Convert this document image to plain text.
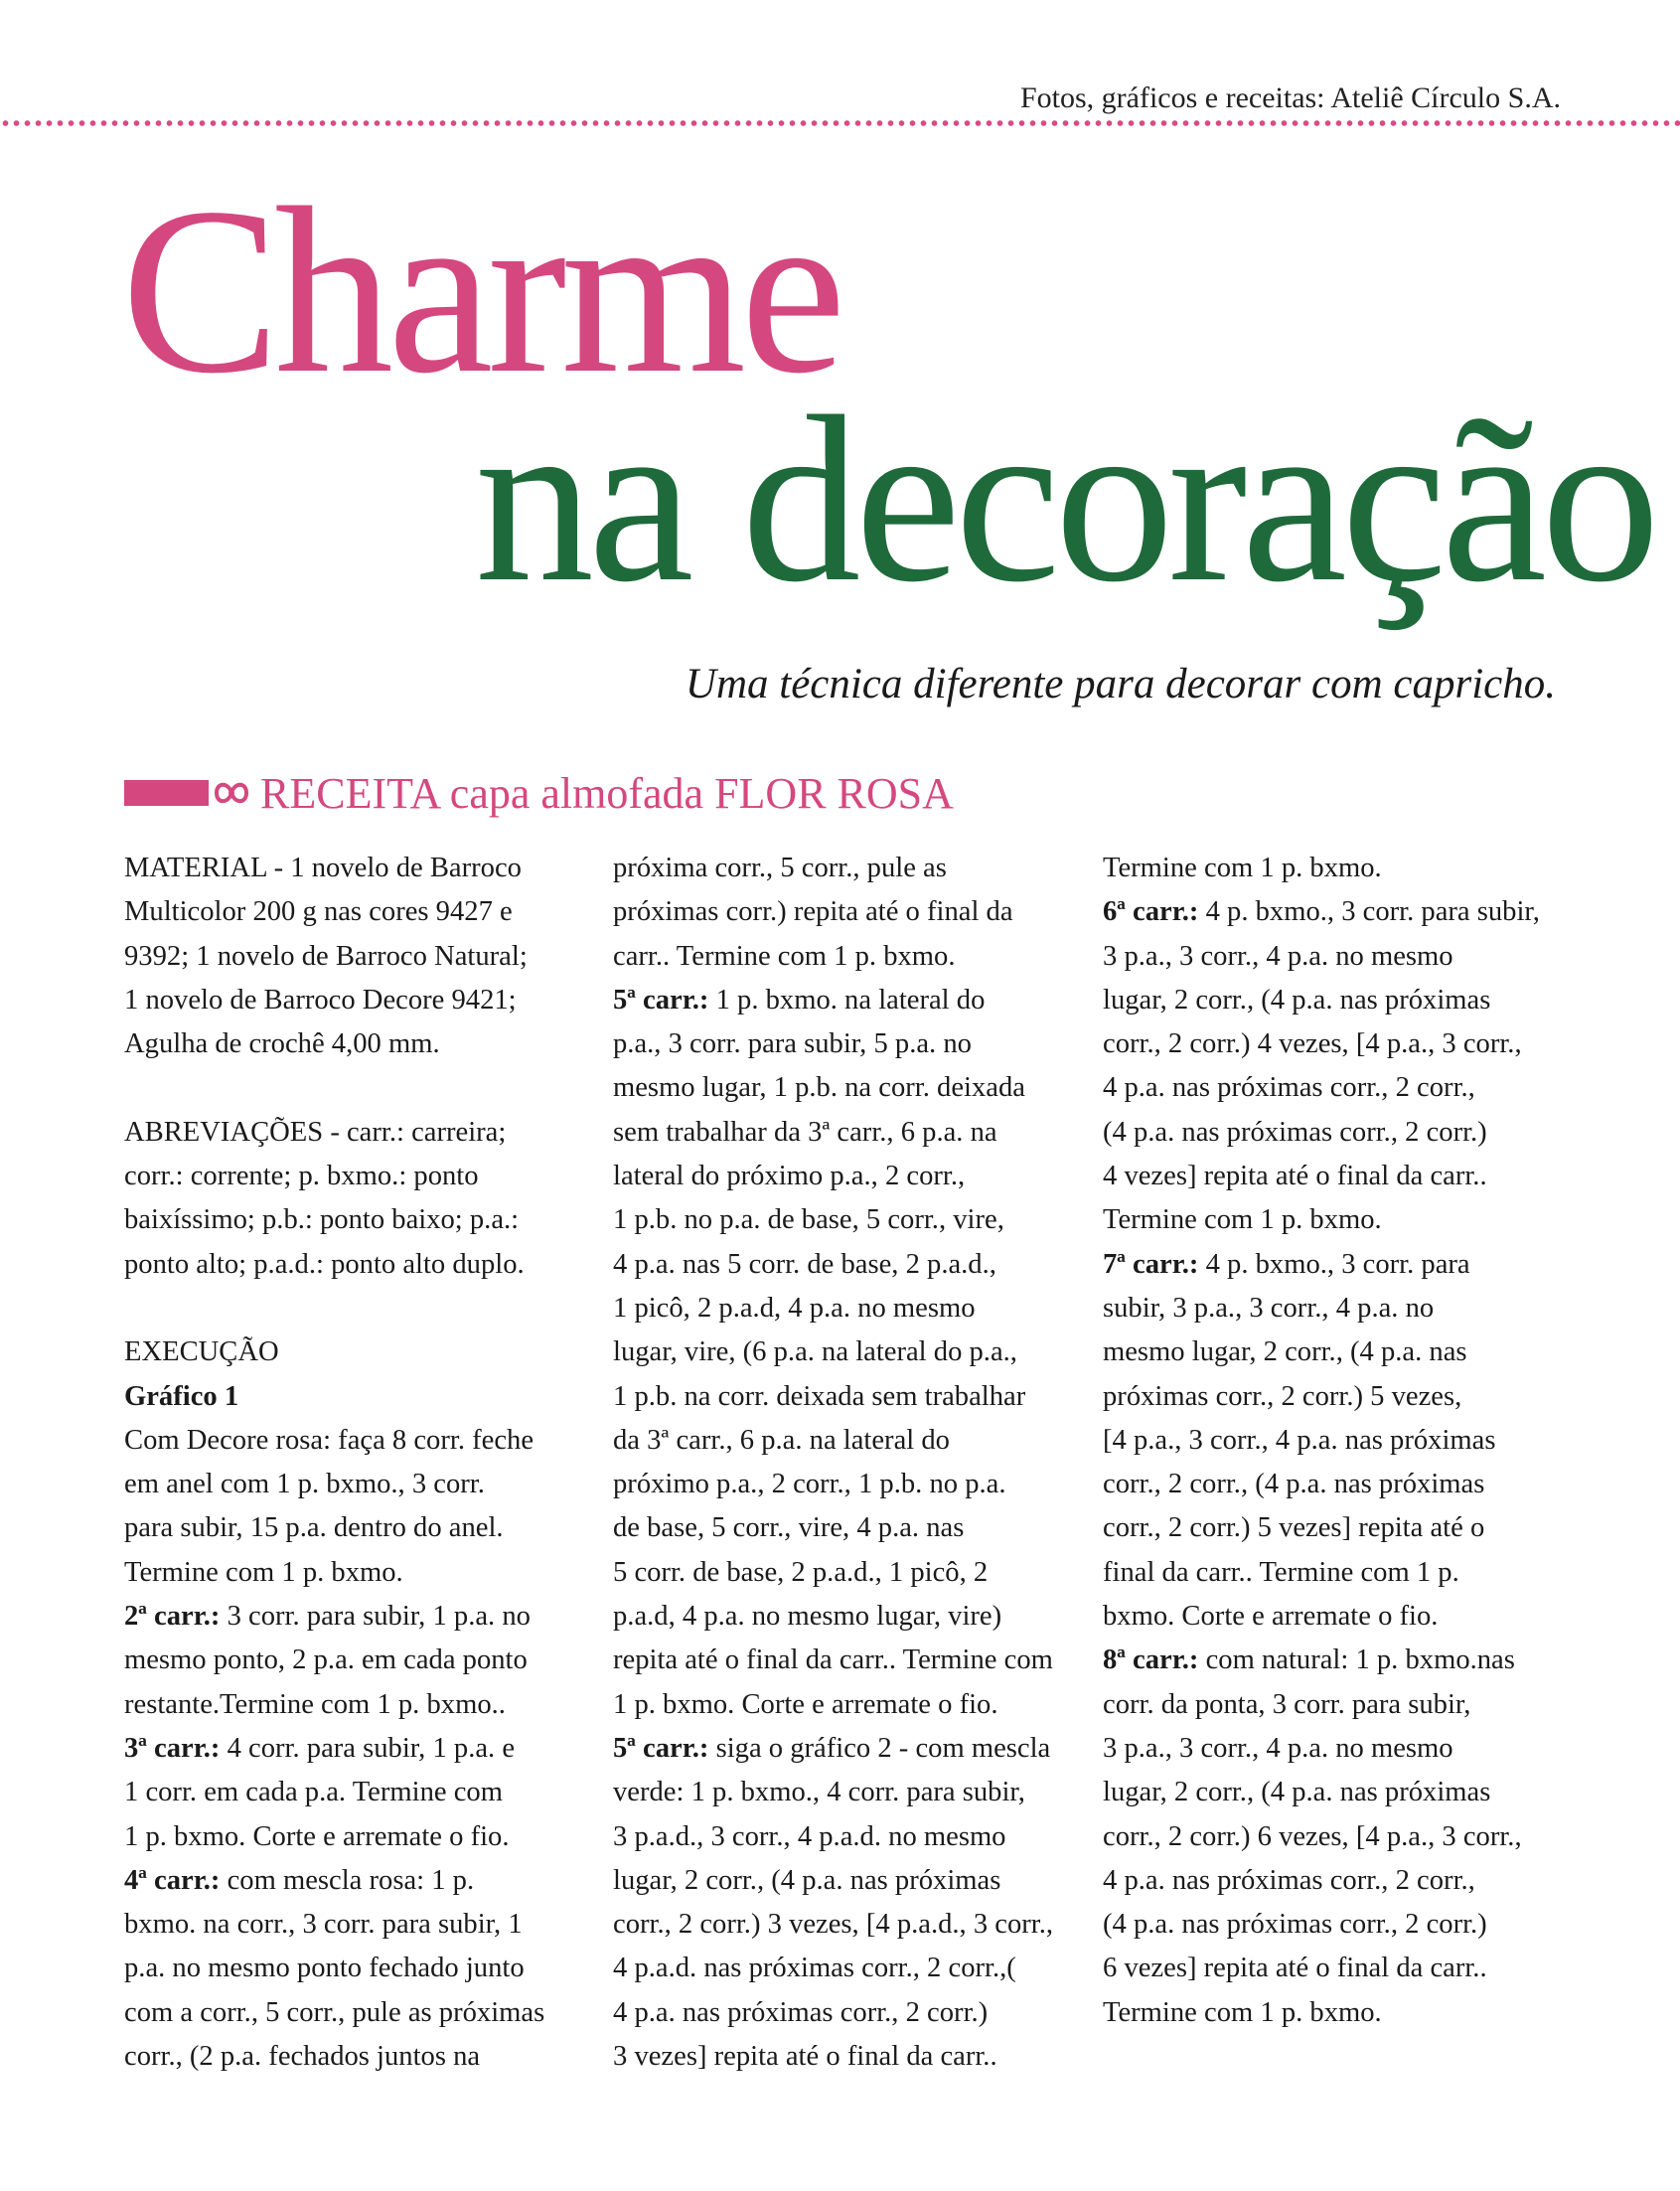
Fotos, gráficos e receitas: Ateliê Círculo S.A.
Charme
na decoração
Uma técnica diferente para decorar com capricho.
RECEITA capa almofada FLOR ROSA
MATERIAL - 1 novelo de Barroco
Multicolor 200 g nas cores 9427 e
9392; 1 novelo de Barroco Natural;
1 novelo de Barroco Decore 9421;
Agulha de crochê 4,00 mm.
ABREVIAÇÕES - carr.: carreira;
corr.: corrente; p. bxmo.: ponto
baixíssimo; p.b.: ponto baixo; p.a.:
ponto alto; p.a.d.: ponto alto duplo.
EXECUÇÃO
Gráfico 1
Com Decore rosa: faça 8 corr. feche
em anel com 1 p. bxmo., 3 corr.
para subir, 15 p.a. dentro do anel.
Termine com 1 p. bxmo.
2ª carr.: 3 corr. para subir, 1 p.a. no
mesmo ponto, 2 p.a. em cada ponto
restante.Termine com 1 p. bxmo..
3ª carr.: 4 corr. para subir, 1 p.a. e
1 corr. em cada p.a. Termine com
1 p. bxmo. Corte e arremate o fio.
4ª carr.: com mescla rosa: 1 p.
bxmo. na corr., 3 corr. para subir, 1
p.a. no mesmo ponto fechado junto
com a corr., 5 corr., pule as próximas
corr., (2 p.a. fechados juntos na
próxima corr., 5 corr., pule as
próximas corr.) repita até o final da
carr.. Termine com 1 p. bxmo.
5ª carr.: 1 p. bxmo. na lateral do
p.a., 3 corr. para subir, 5 p.a. no
mesmo lugar, 1 p.b. na corr. deixada
sem trabalhar da 3ª carr., 6 p.a. na
lateral do próximo p.a., 2 corr.,
1 p.b. no p.a. de base, 5 corr., vire,
4 p.a. nas 5 corr. de base, 2 p.a.d.,
1 picô, 2 p.a.d, 4 p.a. no mesmo
lugar, vire, (6 p.a. na lateral do p.a.,
1 p.b. na corr. deixada sem trabalhar
da 3ª carr., 6 p.a. na lateral do
próximo p.a., 2 corr., 1 p.b. no p.a.
de base, 5 corr., vire, 4 p.a. nas
5 corr. de base, 2 p.a.d., 1 picô, 2
p.a.d, 4 p.a. no mesmo lugar, vire)
repita até o final da carr.. Termine com
1 p. bxmo. Corte e arremate o fio.
5ª carr.: siga o gráfico 2 - com mescla
verde: 1 p. bxmo., 4 corr. para subir,
3 p.a.d., 3 corr., 4 p.a.d. no mesmo
lugar, 2 corr., (4 p.a. nas próximas
corr., 2 corr.) 3 vezes, [4 p.a.d., 3 corr.,
4 p.a.d. nas próximas corr., 2 corr.,(
4 p.a. nas próximas corr., 2 corr.)
3 vezes] repita até o final da carr..
Termine com 1 p. bxmo.
6ª carr.: 4 p. bxmo., 3 corr. para subir,
3 p.a., 3 corr., 4 p.a. no mesmo
lugar, 2 corr., (4 p.a. nas próximas
corr., 2 corr.) 4 vezes, [4 p.a., 3 corr.,
4 p.a. nas próximas corr., 2 corr.,
(4 p.a. nas próximas corr., 2 corr.)
4 vezes] repita até o final da carr..
Termine com 1 p. bxmo.
7ª carr.: 4 p. bxmo., 3 corr. para
subir, 3 p.a., 3 corr., 4 p.a. no
mesmo lugar, 2 corr., (4 p.a. nas
próximas corr., 2 corr.) 5 vezes,
[4 p.a., 3 corr., 4 p.a. nas próximas
corr., 2 corr., (4 p.a. nas próximas
corr., 2 corr.) 5 vezes] repita até o
final da carr.. Termine com 1 p.
bxmo. Corte e arremate o fio.
8ª carr.: com natural: 1 p. bxmo.nas
corr. da ponta, 3 corr. para subir,
3 p.a., 3 corr., 4 p.a. no mesmo
lugar, 2 corr., (4 p.a. nas próximas
corr., 2 corr.) 6 vezes, [4 p.a., 3 corr.,
4 p.a. nas próximas corr., 2 corr.,
(4 p.a. nas próximas corr., 2 corr.)
6 vezes] repita até o final da carr..
Termine com 1 p. bxmo.
